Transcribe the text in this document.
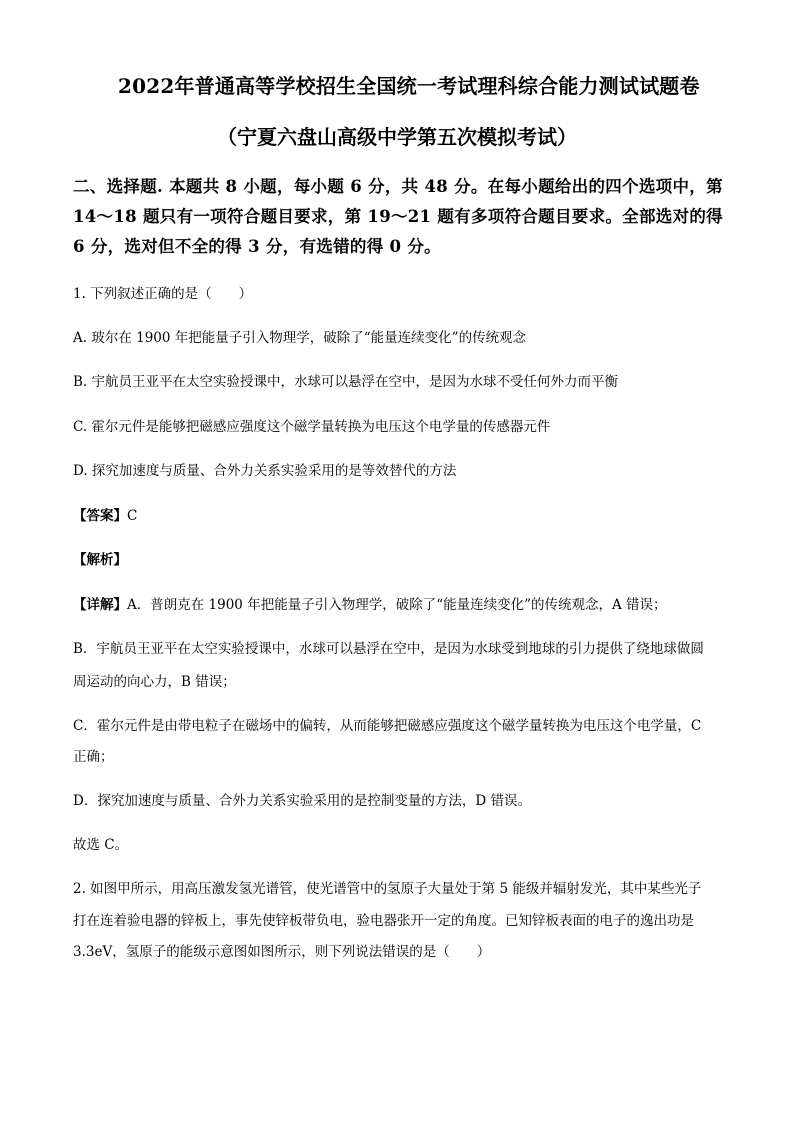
2022年普通高等学校招生全国统一考试理科综合能力测试试题卷
（宁夏六盘山高级中学第五次模拟考试）
二、选择题. 本题共 8 小题，每小题 6 分，共 48 分。在每小题给出的四个选项中，第 14～18 题只有一项符合题目要求，第 19～21 题有多项符合题目要求。全部选对的得 6 分，选对但不全的得 3 分，有选错的得 0 分。
1. 下列叙述正确的是（　　）
A. 玻尔在 1900 年把能量子引入物理学，破除了“能量连续变化”的传统观念
B. 宇航员王亚平在太空实验授课中，水球可以悬浮在空中，是因为水球不受任何外力而平衡
C. 霍尔元件是能够把磁感应强度这个磁学量转换为电压这个电学量的传感器元件
D. 探究加速度与质量、合外力关系实验采用的是等效替代的方法
【答案】C
【解析】
【详解】A．普朗克在 1900 年把能量子引入物理学，破除了“能量连续变化”的传统观念，A 错误；
B．宇航员王亚平在太空实验授课中，水球可以悬浮在空中，是因为水球受到地球的引力提供了绕地球做圆
周运动的向心力，B 错误；
C．霍尔元件是由带电粒子在磁场中的偏转，从而能够把磁感应强度这个磁学量转换为电压这个电学量，C
正确；
D．探究加速度与质量、合外力关系实验采用的是控制变量的方法，D 错误。
故选 C。
2. 如图甲所示，用高压激发氢光谱管，使光谱管中的氢原子大量处于第 5 能级并辐射发光，其中某些光子
打在连着验电器的锌板上，事先使锌板带负电，验电器张开一定的角度。已知锌板表面的电子的逸出功是
3.3eV，氢原子的能级示意图如图所示，则下列说法错误的是（　　）
